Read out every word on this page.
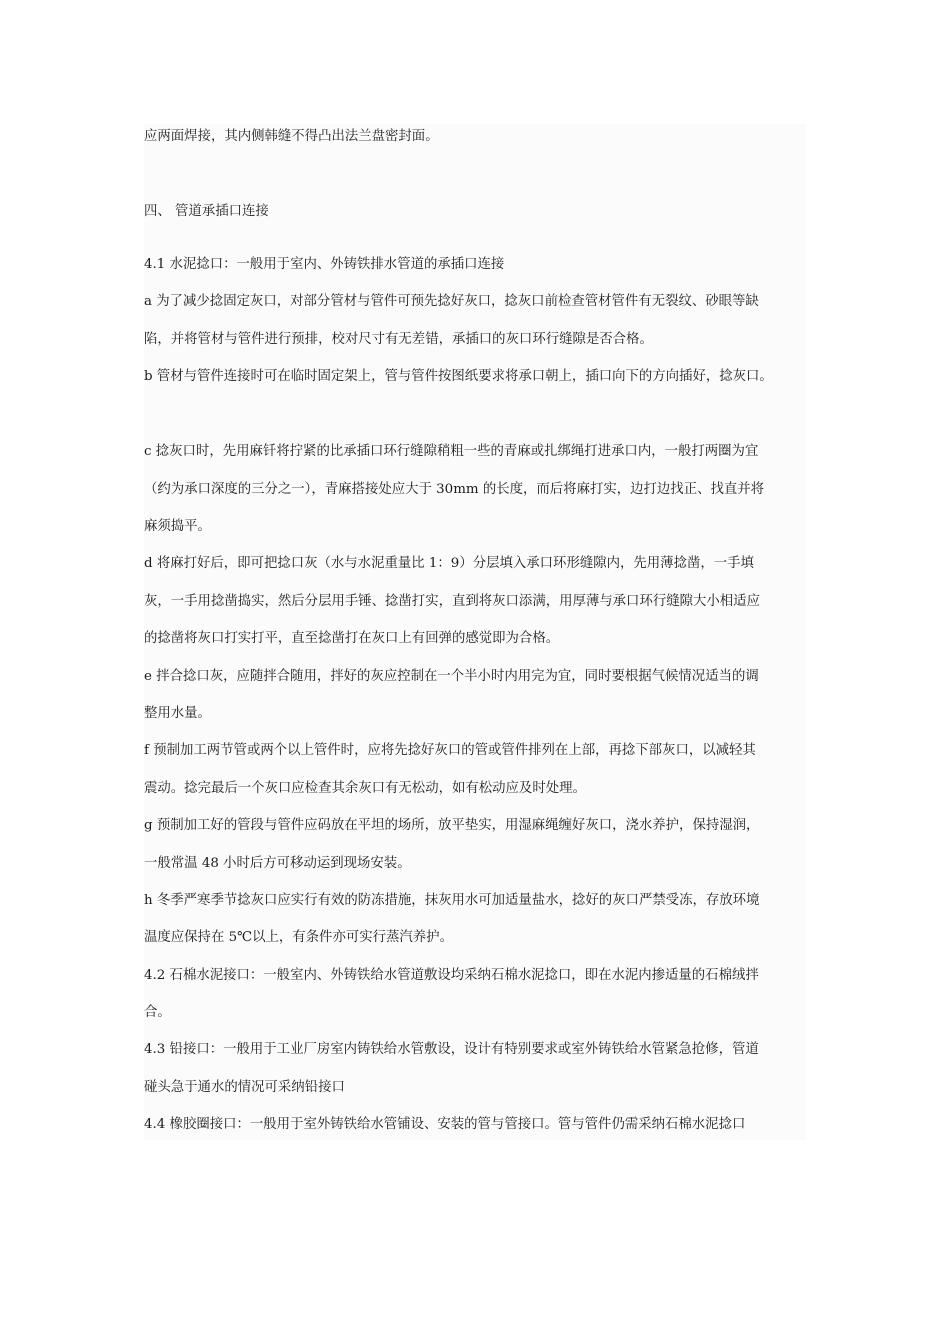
应两面焊接，其内侧韩缝不得凸出法兰盘密封面。
四、 管道承插口连接
4.1 水泥捻口：一般用于室内、外铸铁排水管道的承插口连接
a 为了减少捻固定灰口，对部分管材与管件可预先捻好灰口，捻灰口前检查管材管件有无裂纹、砂眼等缺
陷，并将管材与管件进行预排，校对尺寸有无差错，承插口的灰口环行缝隙是否合格。
b 管材与管件连接时可在临时固定架上，管与管件按图纸要求将承口朝上，插口向下的方向插好，捻灰口。
c 捻灰口时，先用麻钎将拧紧的比承插口环行缝隙稍粗一些的青麻或扎绑绳打进承口内，一般打两圈为宜
（约为承口深度的三分之一），青麻搭接处应大于 30mm 的长度，而后将麻打实，边打边找正、找直并将
麻须捣平。
d 将麻打好后，即可把捻口灰（水与水泥重量比 1：9）分层填入承口环形缝隙内，先用薄捻凿，一手填
灰，一手用捻凿捣实，然后分层用手锤、捻凿打实，直到将灰口添满，用厚薄与承口环行缝隙大小相适应
的捻凿将灰口打实打平，直至捻凿打在灰口上有回弹的感觉即为合格。
e 拌合捻口灰，应随拌合随用，拌好的灰应控制在一个半小时内用完为宜，同时要根据气候情况适当的调
整用水量。
f 预制加工两节管或两个以上管件时，应将先捻好灰口的管或管件排列在上部，再捻下部灰口，以减轻其
震动。捻完最后一个灰口应检查其余灰口有无松动，如有松动应及时处理。
g 预制加工好的管段与管件应码放在平坦的场所，放平垫实，用湿麻绳缠好灰口，浇水养护，保持湿润，
一般常温 48 小时后方可移动运到现场安装。
h 冬季严寒季节捻灰口应实行有效的防冻措施，抹灰用水可加适量盐水，捻好的灰口严禁受冻，存放环境
温度应保持在 5℃以上，有条件亦可实行蒸汽养护。
4.2 石棉水泥接口：一般室内、外铸铁给水管道敷设均采纳石棉水泥捻口，即在水泥内掺适量的石棉绒拌
合。
4.3 铅接口：一般用于工业厂房室内铸铁给水管敷设，设计有特别要求或室外铸铁给水管紧急抢修，管道
碰头急于通水的情况可采纳铅接口
4.4 橡胶圈接口：一般用于室外铸铁给水管铺设、安装的管与管接口。管与管件仍需采纳石棉水泥捻口
